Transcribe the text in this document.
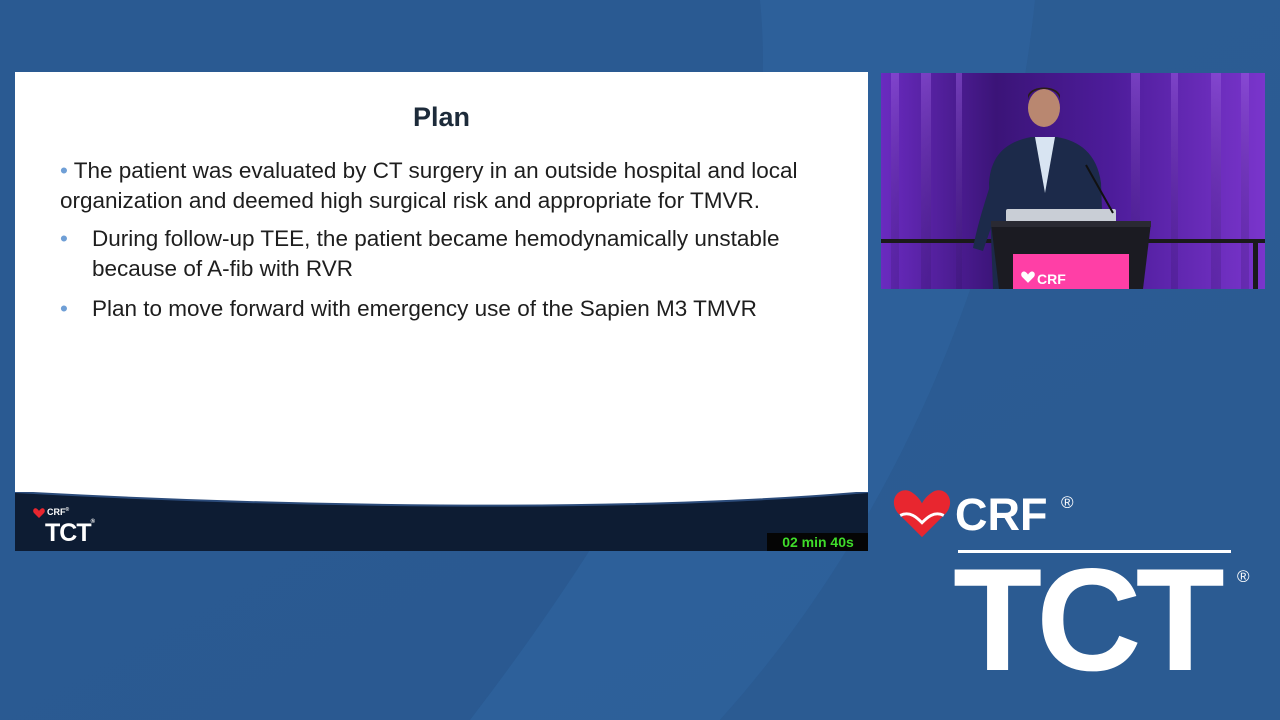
Plan
• The patient was evaluated by CT surgery in an outside hospital and local organization and deemed high surgical risk and appropriate for TMVR.
• During follow-up TEE, the patient became hemodynamically unstable because of A-fib with RVR
• Plan to move forward with emergency use of the Sapien M3 TMVR
CRF®
TCT®
02 min 40s
CRF
CRF ®
TCT ®
